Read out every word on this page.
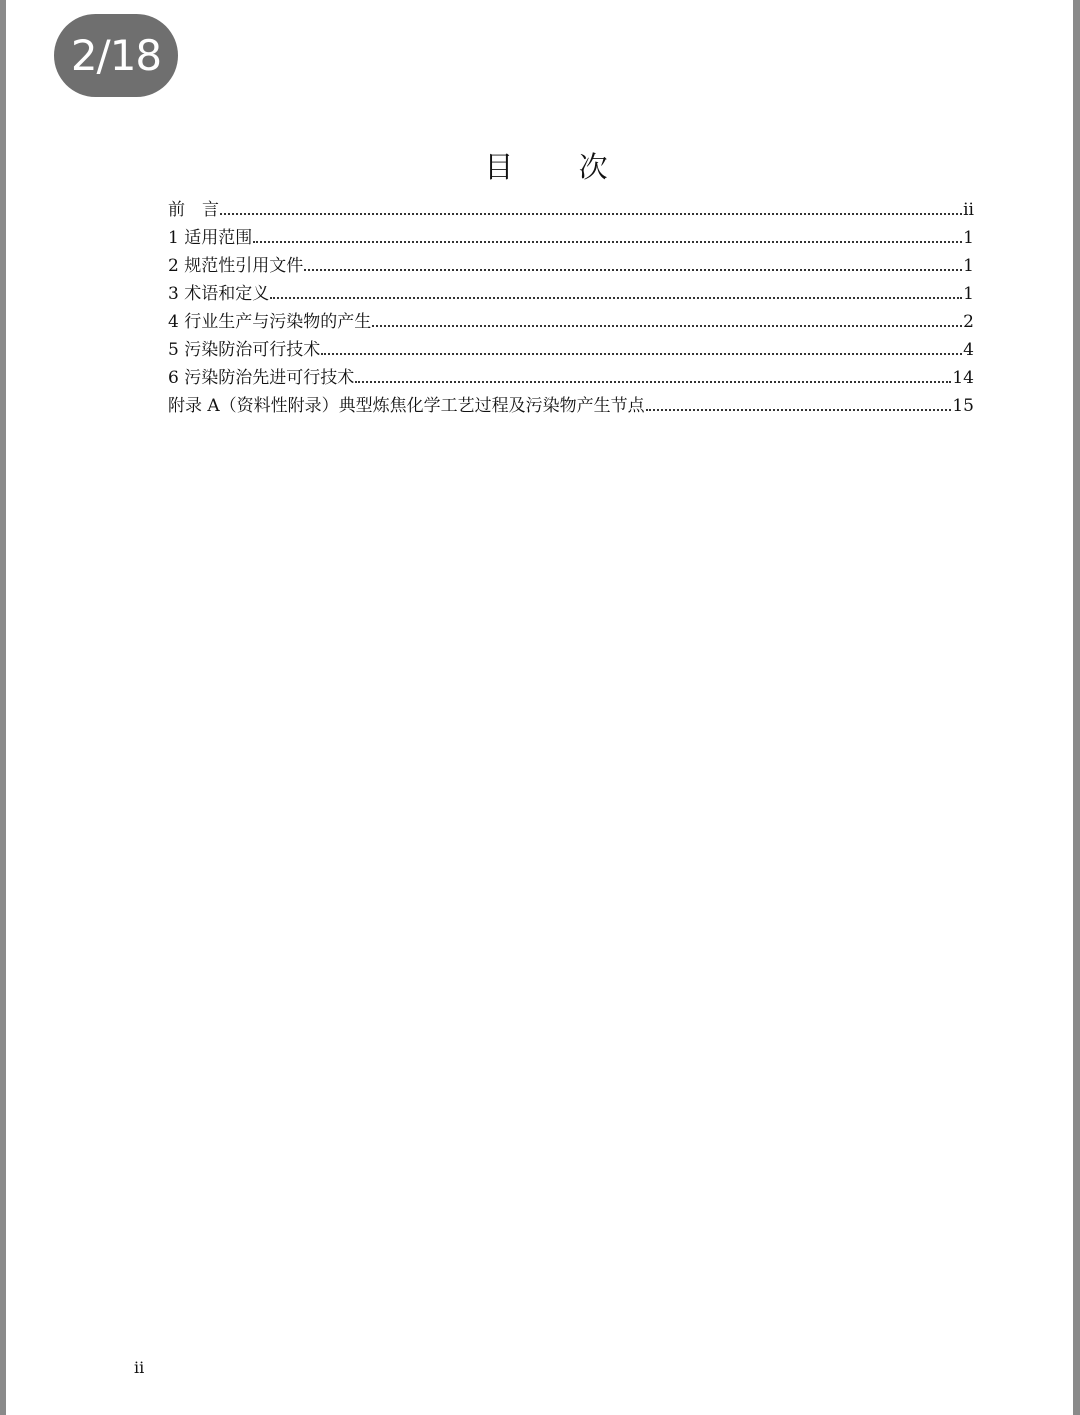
目 次
前　言	ii
1 适用范围	1
2 规范性引用文件	1
3 术语和定义	1
4 行业生产与污染物的产生	2
5 污染防治可行技术	4
6 污染防治先进可行技术	14
附录 A（资料性附录）典型炼焦化学工艺过程及污染物产生节点	15
ii
2/18
